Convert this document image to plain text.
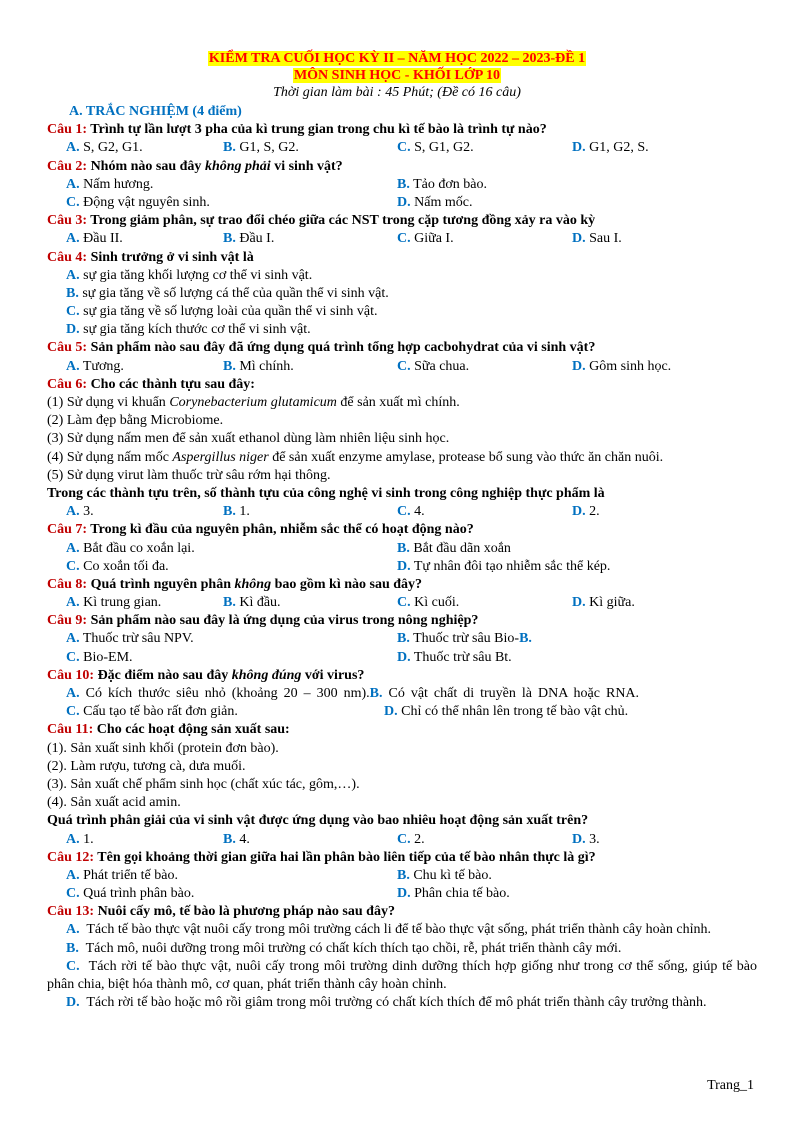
KIỂM TRA CUỐI HỌC KỲ II – NĂM HỌC 2022 – 2023-ĐỀ 1
MÔN SINH HỌC - KHỐI LỚP 10
Thời gian làm bài : 45 Phút; (Đề có 16 câu)
A. TRẮC NGHIỆM (4 điểm)
Câu 1: Trình tự lần lượt 3 pha của kì trung gian trong chu kì tế bào là trình tự nào?
A. S, G2, G1.	B. G1, S, G2.	C. S, G1, G2.	D. G1, G2, S.
Câu 2: Nhóm nào sau đây không phải vi sinh vật?
A. Nấm hương.	B. Tảo đơn bào.
C. Động vật nguyên sinh.	D. Nấm mốc.
Câu 3: Trong giảm phân, sự trao đổi chéo giữa các NST trong cặp tương đồng xảy ra vào kỳ
A. Đầu II.	B. Đầu I.	C. Giữa I.	D. Sau I.
Câu 4: Sinh trưởng ở vi sinh vật là
A. sự gia tăng khối lượng cơ thể vi sinh vật.
B. sự gia tăng về số lượng cá thể của quần thể vi sinh vật.
C. sự gia tăng về số lượng loài của quần thể vi sinh vật.
D. sự gia tăng kích thước cơ thể vi sinh vật.
Câu 5: Sản phẩm nào sau đây đã ứng dụng quá trình tổng hợp cacbohydrat của vi sinh vật?
A. Tương.	B. Mì chính.	C. Sữa chua.	D. Gôm sinh học.
Câu 6: Cho các thành tựu sau đây:
(1) Sử dụng vi khuẩn Corynebacterium glutamicum để sản xuất mì chính.
(2) Làm đẹp bằng Microbiome.
(3) Sử dụng nấm men để sản xuất ethanol dùng làm nhiên liệu sinh học.
(4) Sử dụng nấm mốc Aspergillus niger để sản xuất enzyme amylase, protease bổ sung vào thức ăn chăn nuôi.
(5) Sử dụng virut làm thuốc trừ sâu rớm hại thông.
Trong các thành tựu trên, số thành tựu của công nghệ vi sinh trong công nghiệp thực phẩm là
A. 3.	B. 1.	C. 4.	D. 2.
Câu 7: Trong kì đầu của nguyên phân, nhiễm sắc thể có hoạt động nào?
A. Bắt đầu co xoắn lại.	B. Bắt đầu dãn xoắn
C. Co xoắn tối đa.	D. Tự nhân đôi tạo nhiễm sắc thể kép.
Câu 8: Quá trình nguyên phân không bao gồm kì nào sau đây?
A. Kì trung gian.	B. Kì đầu.	C. Kì cuối.	D. Kì giữa.
Câu 9: Sản phẩm nào sau đây là ứng dụng của virus trong nông nghiệp?
A. Thuốc trừ sâu NPV.	B. Thuốc trừ sâu Bio-B.
C. Bio-EM.	D. Thuốc trừ sâu Bt.
Câu 10: Đặc điểm nào sau đây không đúng với virus?
A. Có kích thước siêu nhỏ (khoảng 20 – 300 nm).B. Có vật chất di truyền là DNA hoặc RNA.
C. Cấu tạo tế bào rất đơn giản.	D. Chỉ có thể nhân lên trong tế bào vật chủ.
Câu 11: Cho các hoạt động sản xuất sau:
(1). Sản xuất sinh khối (protein đơn bào).
(2). Làm rượu, tương cà, dưa muối.
(3). Sản xuất chế phẩm sinh học (chất xúc tác, gôm,…).
(4). Sản xuất acid amin.
Quá trình phân giải của vi sinh vật được ứng dụng vào bao nhiêu hoạt động sản xuất trên?
A. 1.	B. 4.	C. 2.	D. 3.
Câu 12: Tên gọi khoảng thời gian giữa hai lần phân bào liên tiếp của tế bào nhân thực là gì?
A. Phát triển tế bào.	B. Chu kì tế bào.
C. Quá trình phân bào.	D. Phân chia tế bào.
Câu 13: Nuôi cấy mô, tế bào là phương pháp nào sau đây?
A. Tách tế bào thực vật nuôi cấy trong môi trường cách li để tế bào thực vật sống, phát triển thành cây hoàn chỉnh.
B. Tách mô, nuôi dưỡng trong môi trường có chất kích thích tạo chồi, rễ, phát triển thành cây mới.
C. Tách rời tế bào thực vật, nuôi cấy trong môi trường dinh dưỡng thích hợp giống như trong cơ thể sống, giúp tế bào phân chia, biệt hóa thành mô, cơ quan, phát triển thành cây hoàn chỉnh.
D. Tách rời tế bào hoặc mô rồi giâm trong môi trường có chất kích thích để mô phát triển thành cây trưởng thành.
Trang_1
